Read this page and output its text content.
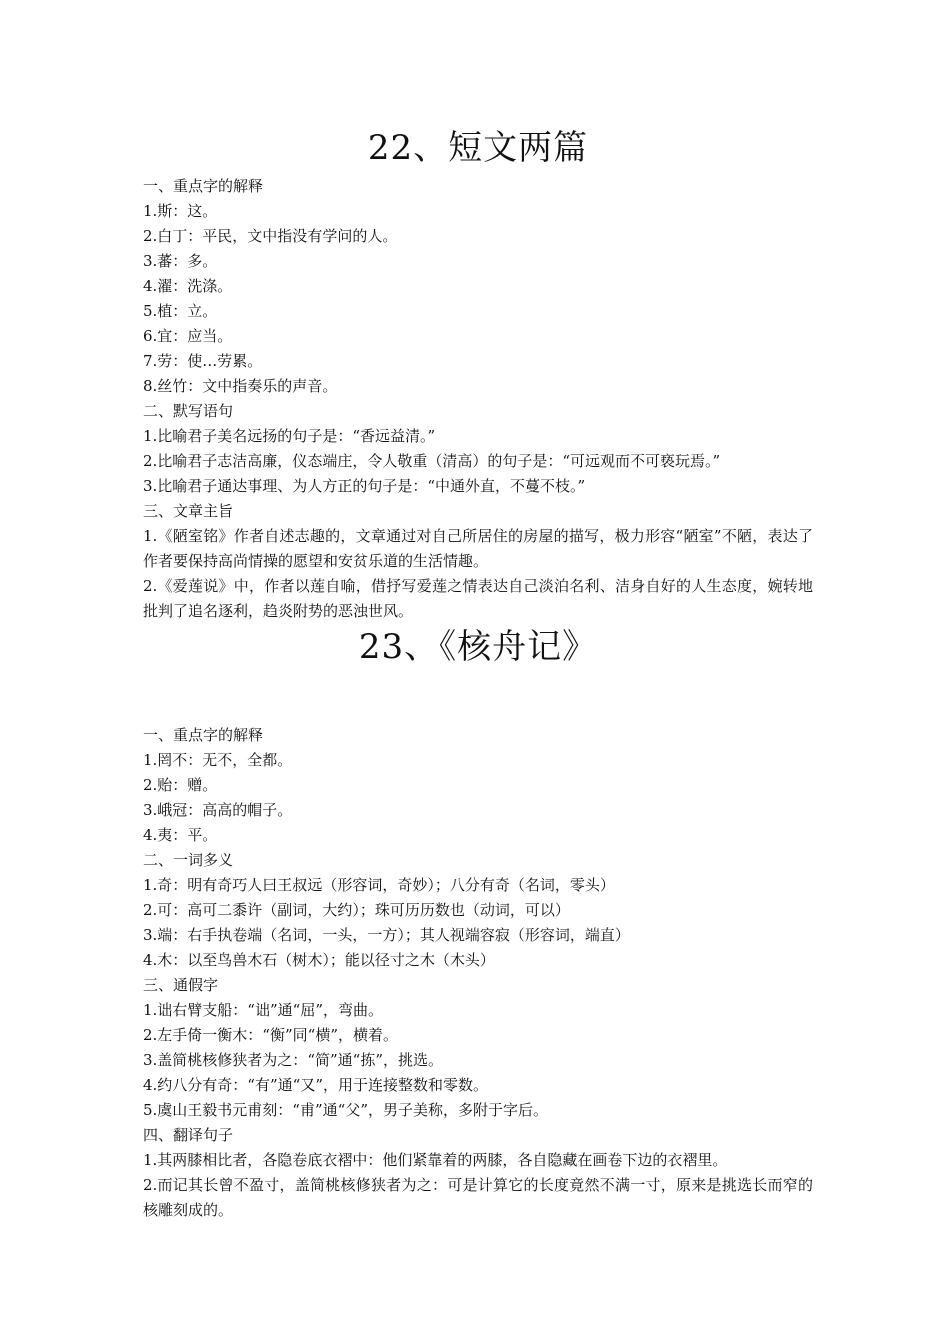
22、短文两篇

一、重点字的解释

1.斯：这。

2.白丁：平民，文中指没有学问的人。

3.蕃：多。

4.濯：洗涤。

5.植：立。

6.宜：应当。

7.劳：使…劳累。

8.丝竹：文中指奏乐的声音。

二、默写语句

1.比喻君子美名远扬的句子是：“香远益清。”

2.比喻君子志洁高廉，仪态端庄，令人敬重（清高）的句子是：“可远观而不可亵玩焉。”

3.比喻君子通达事理、为人方正的句子是：“中通外直，不蔓不枝。”

三、文章主旨

1.《陋室铭》作者自述志趣的，文章通过对自己所居住的房屋的描写，极力形容“陋室”不陋，表达了作者要保持高尚情操的愿望和安贫乐道的生活情趣。

2.《爱莲说》中，作者以莲自喻，借抒写爱莲之情表达自己淡泊名利、洁身自好的人生态度，婉转地批判了追名逐利，趋炎附势的恶浊世风。

23、《核舟记》

一、重点字的解释

1.罔不：无不，全都。

2.贻：赠。

3.峨冠：高高的帽子。

4.夷：平。

二、一词多义

1.奇：明有奇巧人曰王叔远（形容词，奇妙）；八分有奇（名词，零头）

2.可：高可二黍许（副词，大约）；珠可历历数也（动词，可以）

3.端：右手执卷端（名词，一头，一方）；其人视端容寂（形容词，端直）

4.木：以至鸟兽木石（树木）；能以径寸之木（木头）

三、通假字

1.诎右臂支船：“诎”通“屈”，弯曲。

2.左手倚一衡木：“衡”同“横”，横着。

3.盖简桃核修狭者为之：“简”通“拣”，挑选。

4.约八分有奇：“有”通“又”，用于连接整数和零数。

5.虞山王毅书元甫刻：“甫”通“父”，男子美称，多附于字后。

四、翻译句子

1.其两膝相比者，各隐卷底衣褶中：他们紧靠着的两膝，各自隐藏在画卷下边的衣褶里。

2.而记其长曾不盈寸，盖简桃核修狭者为之：可是计算它的长度竟然不满一寸，原来是挑选长而窄的核雕刻成的。
